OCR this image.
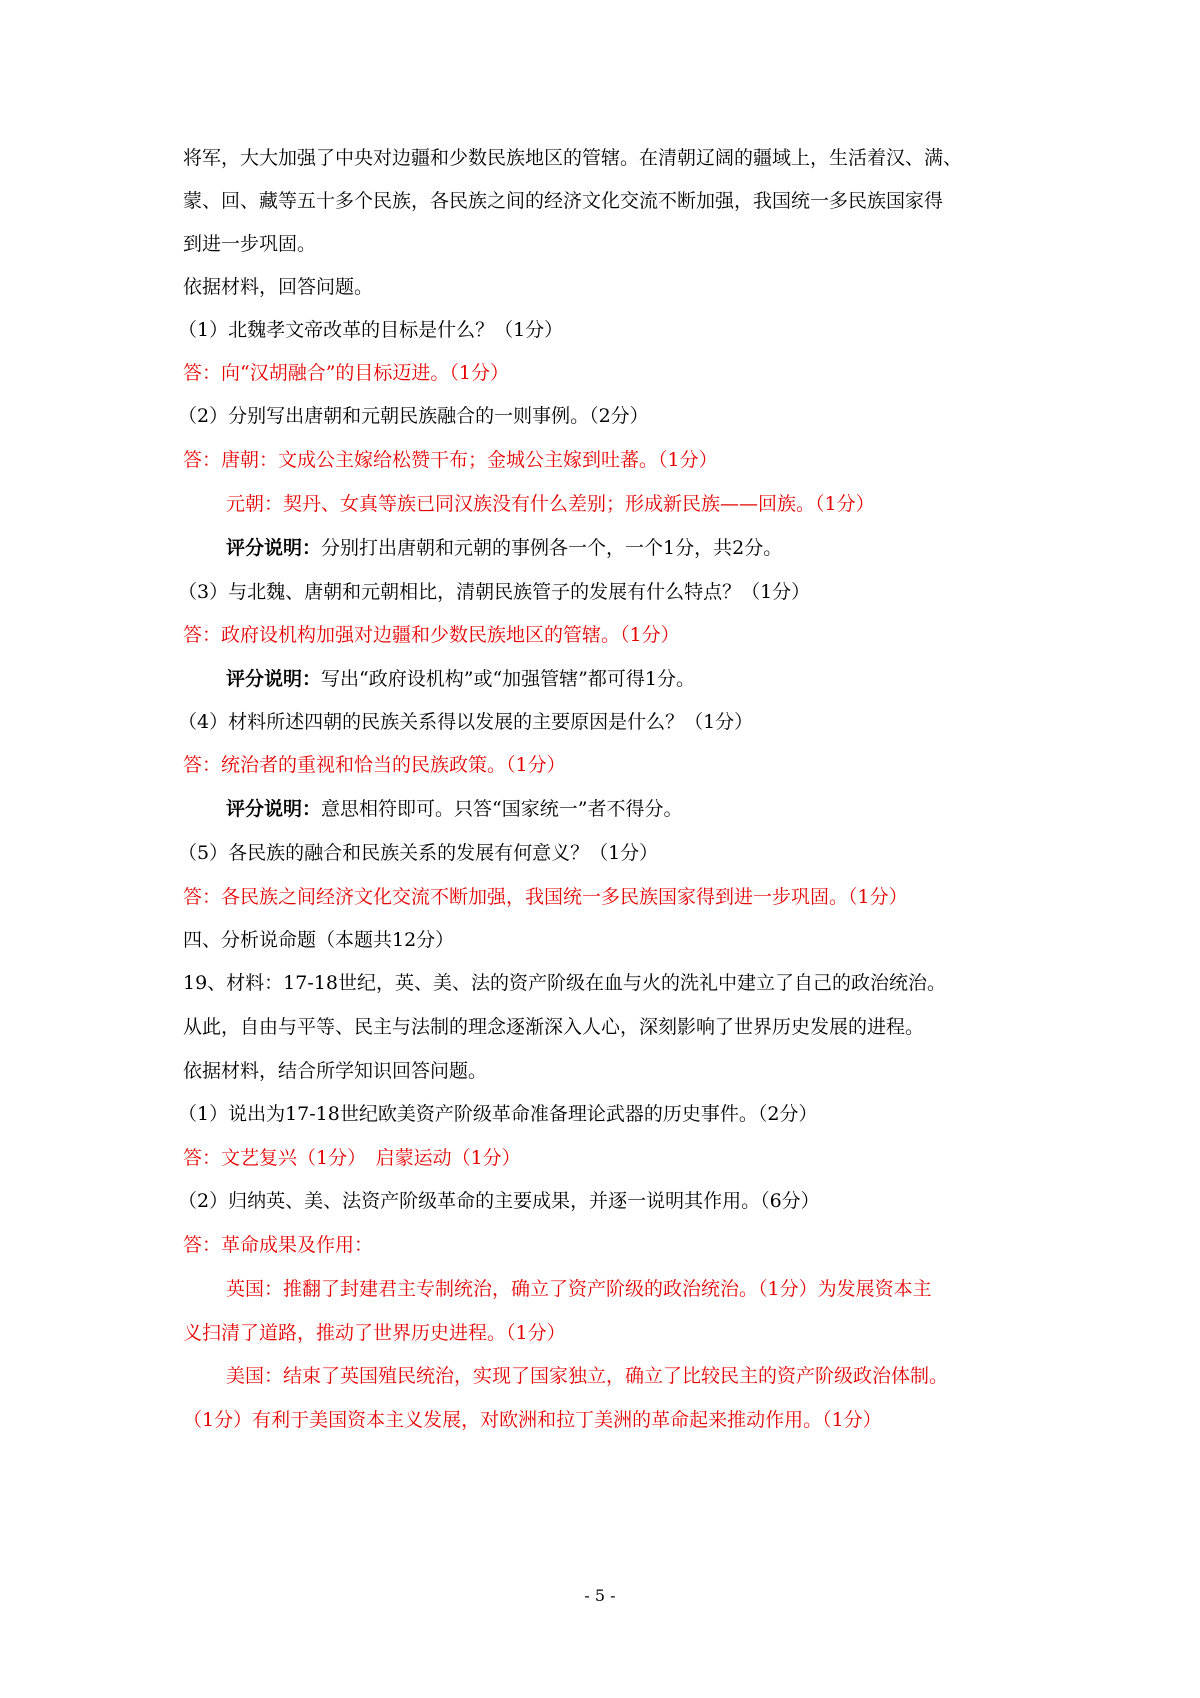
将军，大大加强了中央对边疆和少数民族地区的管辖。在清朝辽阔的疆域上，生活着汉、满、
蒙、回、藏等五十多个民族，各民族之间的经济文化交流不断加强，我国统一多民族国家得
到进一步巩固。
依据材料，回答问题。
（1）北魏孝文帝改革的目标是什么？（1分）
答：向“汉胡融合”的目标迈进。（1分）
（2）分别写出唐朝和元朝民族融合的一则事例。（2分）
答：唐朝：文成公主嫁给松赞干布；金城公主嫁到吐蕃。（1分）
元朝：契丹、女真等族已同汉族没有什么差别；形成新民族——回族。（1分）
评分说明：分别打出唐朝和元朝的事例各一个，一个1分，共2分。
（3）与北魏、唐朝和元朝相比，清朝民族管子的发展有什么特点？（1分）
答：政府设机构加强对边疆和少数民族地区的管辖。（1分）
评分说明：写出“政府设机构”或“加强管辖”都可得1分。
（4）材料所述四朝的民族关系得以发展的主要原因是什么？（1分）
答：统治者的重视和恰当的民族政策。（1分）
评分说明：意思相符即可。只答“国家统一”者不得分。
（5）各民族的融合和民族关系的发展有何意义？（1分）
答：各民族之间经济文化交流不断加强，我国统一多民族国家得到进一步巩固。（1分）
四、分析说命题（本题共12分）
19、材料：17-18世纪，英、美、法的资产阶级在血与火的洗礼中建立了自己的政治统治。
从此，自由与平等、民主与法制的理念逐渐深入人心，深刻影响了世界历史发展的进程。
依据材料，结合所学知识回答问题。
（1）说出为17-18世纪欧美资产阶级革命准备理论武器的历史事件。（2分）
答：文艺复兴（1分）　启蒙运动（1分）
（2）归纳英、美、法资产阶级革命的主要成果，并逐一说明其作用。（6分）
答：革命成果及作用：
英国：推翻了封建君主专制统治，确立了资产阶级的政治统治。（1分）为发展资本主
义扫清了道路，推动了世界历史进程。（1分）
美国：结束了英国殖民统治，实现了国家独立，确立了比较民主的资产阶级政治体制。
（1分）有利于美国资本主义发展，对欧洲和拉丁美洲的革命起来推动作用。（1分）
- 5 -
